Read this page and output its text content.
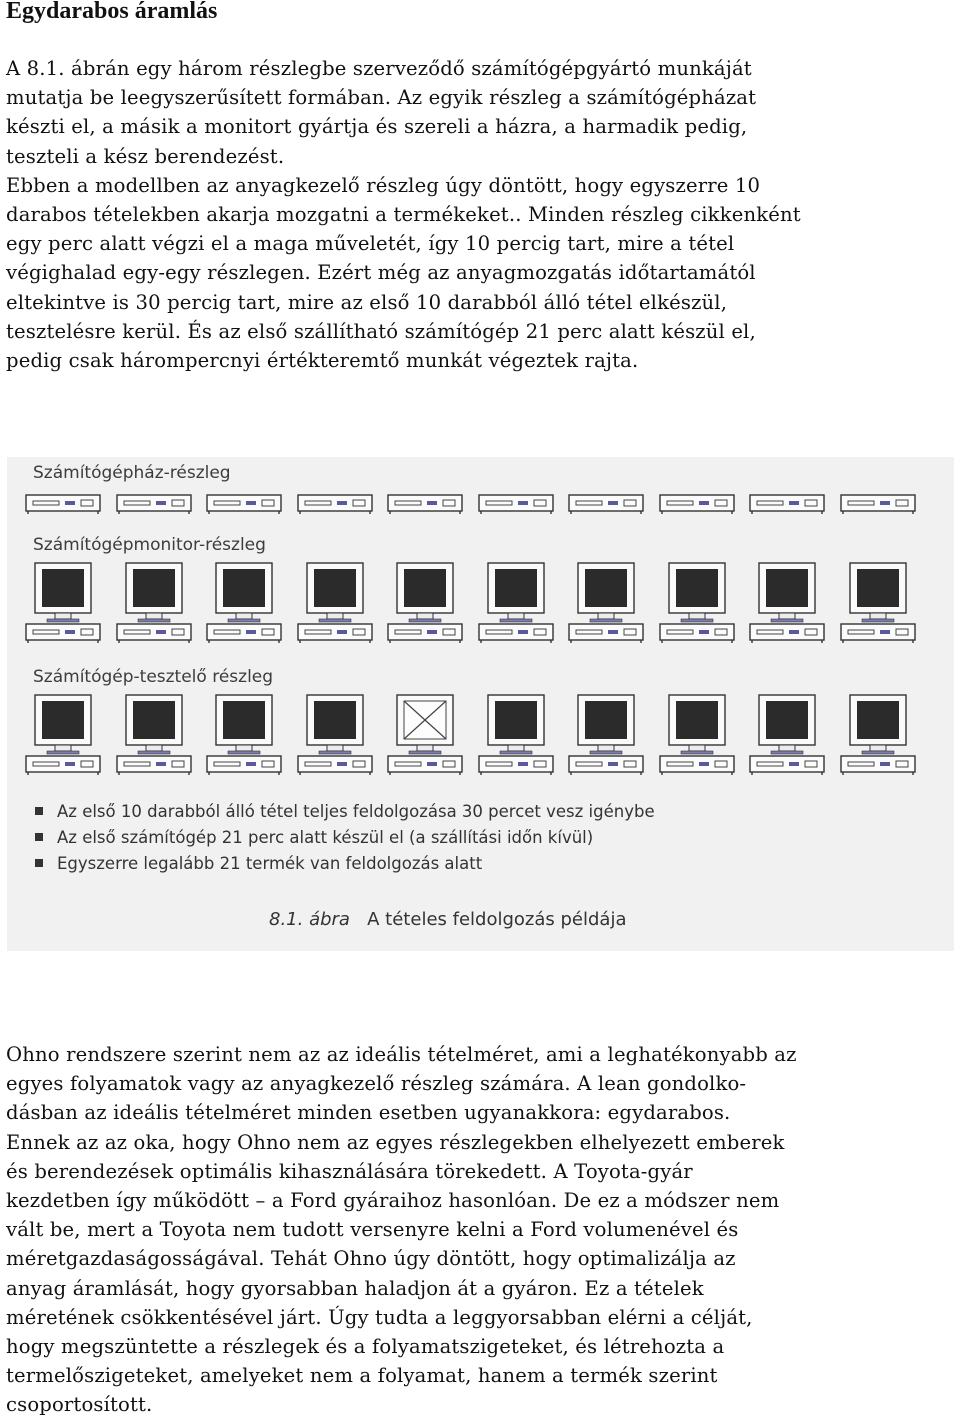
Egydarabos áramlás

A 8.1. ábrán egy három részlegbe szerveződő számítógépgyártó munkáját
mutatja be leegyszerűsített formában. Az egyik részleg a számítógépházat
készti el, a másik a monitort gyártja és szereli a házra, a harmadik pedig,
teszteli a kész berendezést.
Ebben a modellben az anyagkezelő részleg úgy döntött, hogy egyszerre 10
darabos tételekben akarja mozgatni a termékeket.. Minden részleg cikkenként
egy perc alatt végzi el a maga műveletét, így 10 percig tart, mire a tétel
végighalad egy-egy részlegen. Ezért még az anyagmozgatás időtartamától
eltekintve is 30 percig tart, mire az első 10 darabból álló tétel elkészül,
tesztelésre kerül. És az első szállítható számítógép 21 perc alatt készül el,
pedig csak hárompercnyi értékteremtő munkát végeztek rajta.

Számítógépház-részleg
Számítógépmonitor-részleg
Számítógép-tesztelő részleg
Az első 10 darabból álló tétel teljes feldolgozása 30 percet vesz igénybe
Az első számítógép 21 perc alatt készül el (a szállítási időn kívül)
Egyszerre legalább 21 termék van feldolgozás alatt
8.1. ábra A tételes feldolgozás példája

Ohno rendszere szerint nem az az ideális tételméret, ami a leghatékonyabb az
egyes folyamatok vagy az anyagkezelő részleg számára. A lean gondolko-
dásban az ideális tételméret minden esetben ugyanakkora: egydarabos.
Ennek az az oka, hogy Ohno nem az egyes részlegekben elhelyezett emberek
és berendezések optimális kihasználására törekedett. A Toyota-gyár
kezdetben így működött – a Ford gyáraihoz hasonlóan. De ez a módszer nem
vált be, mert a Toyota nem tudott versenyre kelni a Ford volumenével és
méretgazdaságosságával. Tehát Ohno úgy döntött, hogy optimalizálja az
anyag áramlását, hogy gyorsabban haladjon át a gyáron. Ez a tételek
méretének csökkentésével járt. Úgy tudta a leggyorsabban elérni a célját,
hogy megszüntette a részlegek és a folyamatszigeteket, és létrehozta a
termelőszigeteket, amelyeket nem a folyamat, hanem a termék szerint
csoportosított.
